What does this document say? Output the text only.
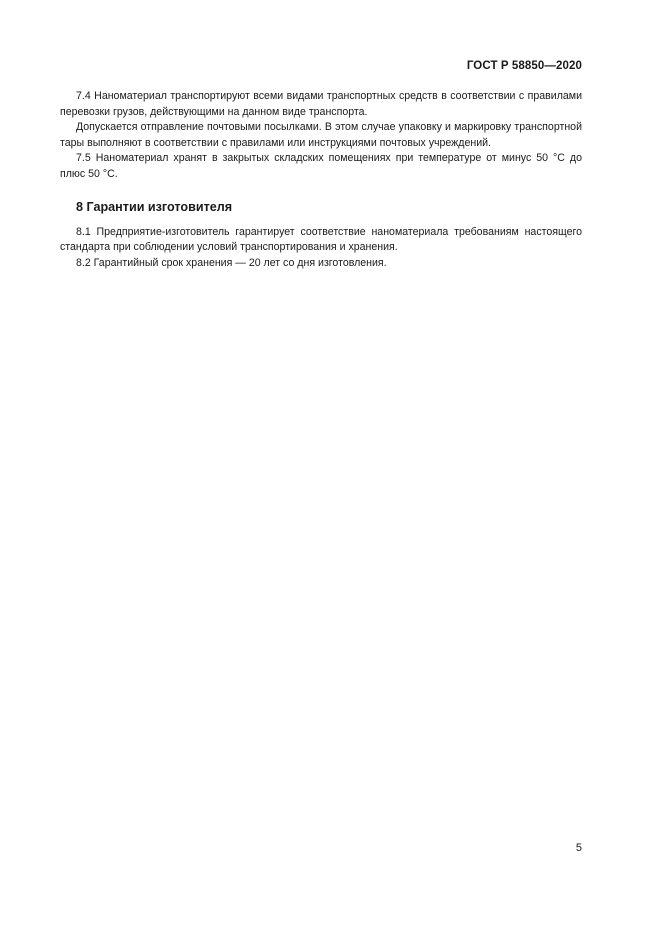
ГОСТ Р 58850—2020

7.4 Наноматериал транспортируют всеми видами транспортных средств в соответствии с правилами перевозки грузов, действующими на данном виде транспорта.

Допускается отправление почтовыми посылками. В этом случае упаковку и маркировку транспортной тары выполняют в соответствии с правилами или инструкциями почтовых учреждений.

7.5 Наноматериал хранят в закрытых складских помещениях при температуре от минус 50 °С до плюс 50 °С.

8 Гарантии изготовителя

8.1 Предприятие-изготовитель гарантирует соответствие наноматериала требованиям настоящего стандарта при соблюдении условий транспортирования и хранения.

8.2 Гарантийный срок хранения — 20 лет со дня изготовления.

5
